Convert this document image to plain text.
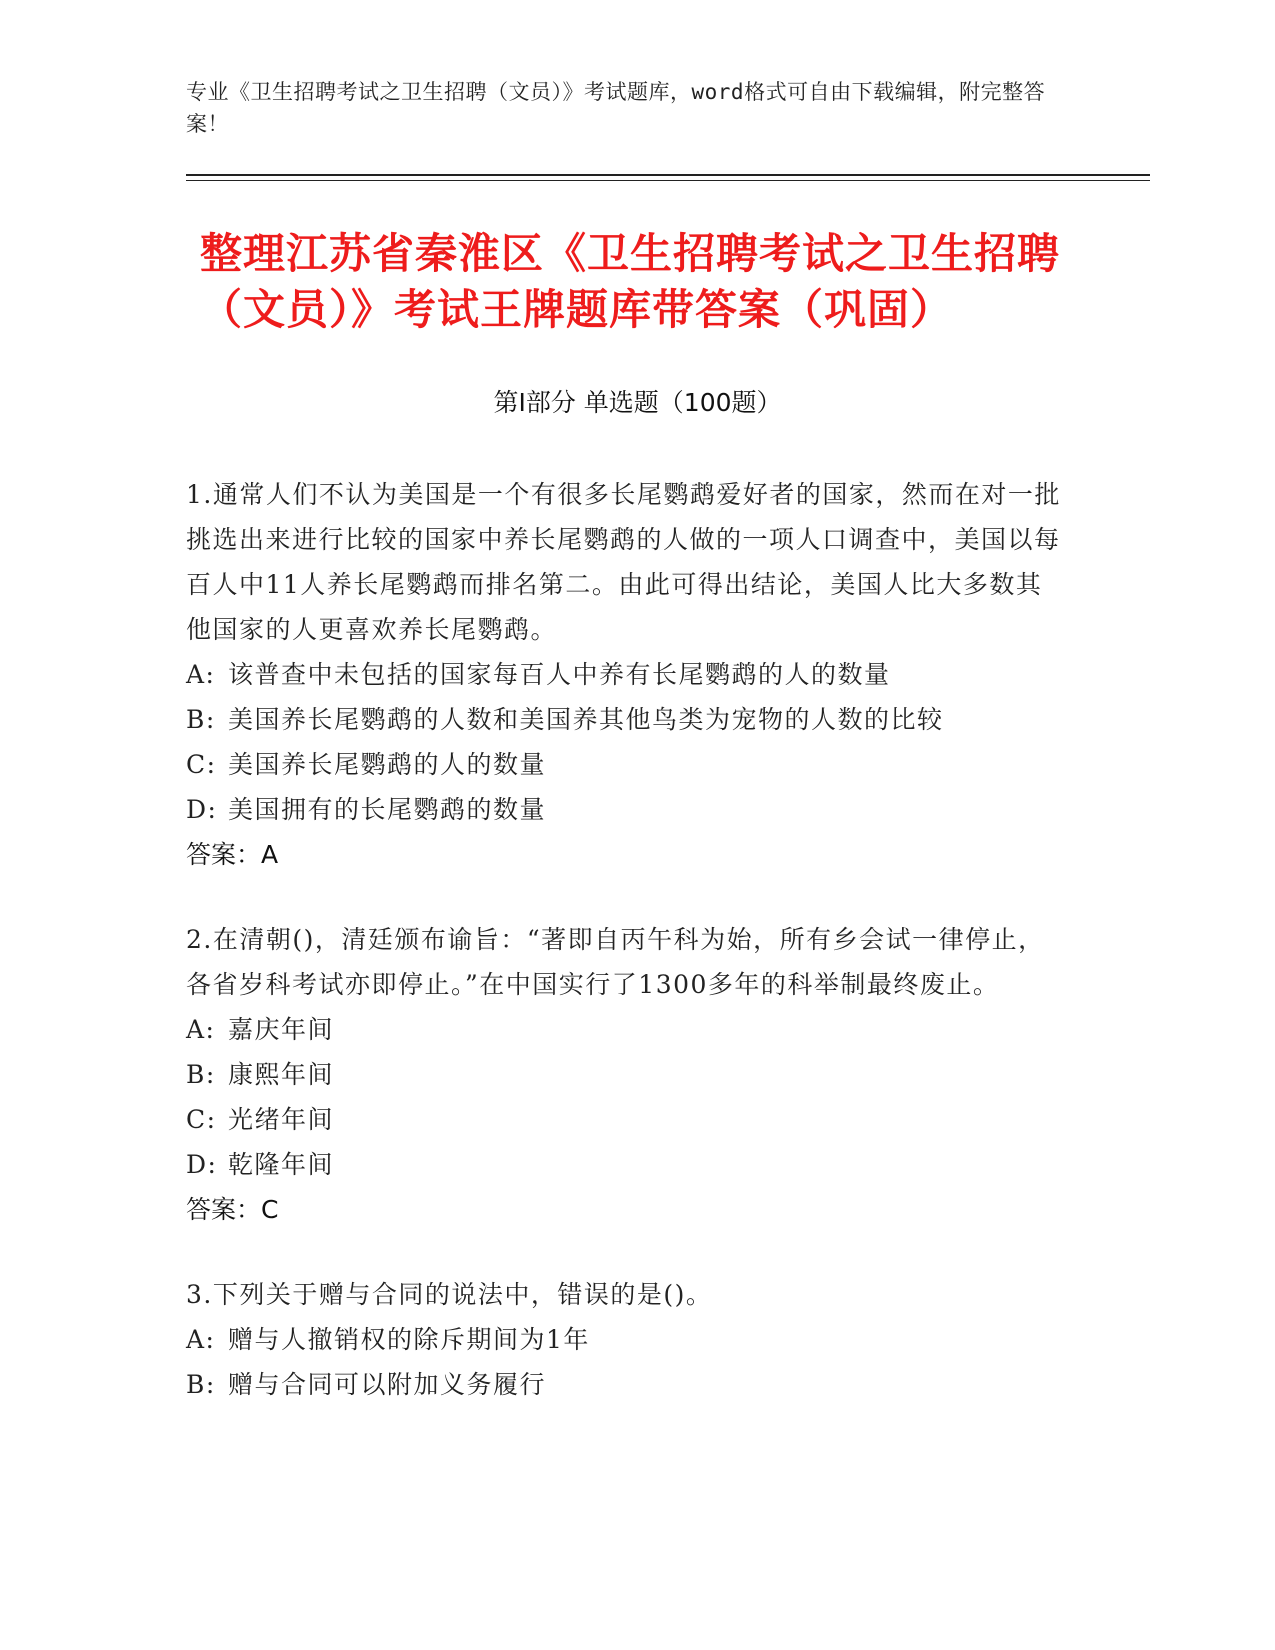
专业《卫生招聘考试之卫生招聘（文员）》考试题库，word格式可自由下载编辑，附完整答案！
整理江苏省秦淮区《卫生招聘考试之卫生招聘（文员）》考试王牌题库带答案（巩固）
第Ⅰ部分 单选题（100题）
1.通常人们不认为美国是一个有很多长尾鹦鹉爱好者的国家，然而在对一批挑选出来进行比较的国家中养长尾鹦鹉的人做的一项人口调查中，美国以每百人中11人养长尾鹦鹉而排名第二。由此可得出结论，美国人比大多数其他国家的人更喜欢养长尾鹦鹉。
A: 该普查中未包括的国家每百人中养有长尾鹦鹉的人的数量
B: 美国养长尾鹦鹉的人数和美国养其他鸟类为宠物的人数的比较
C: 美国养长尾鹦鹉的人的数量
D: 美国拥有的长尾鹦鹉的数量
答案：A
2.在清朝()，清廷颁布谕旨：“著即自丙午科为始，所有乡会试一律停止，各省岁科考试亦即停止。”在中国实行了1300多年的科举制最终废止。
A: 嘉庆年间
B: 康熙年间
C: 光绪年间
D: 乾隆年间
答案：C
3.下列关于赠与合同的说法中，错误的是()。
A: 赠与人撤销权的除斥期间为1年
B: 赠与合同可以附加义务履行
